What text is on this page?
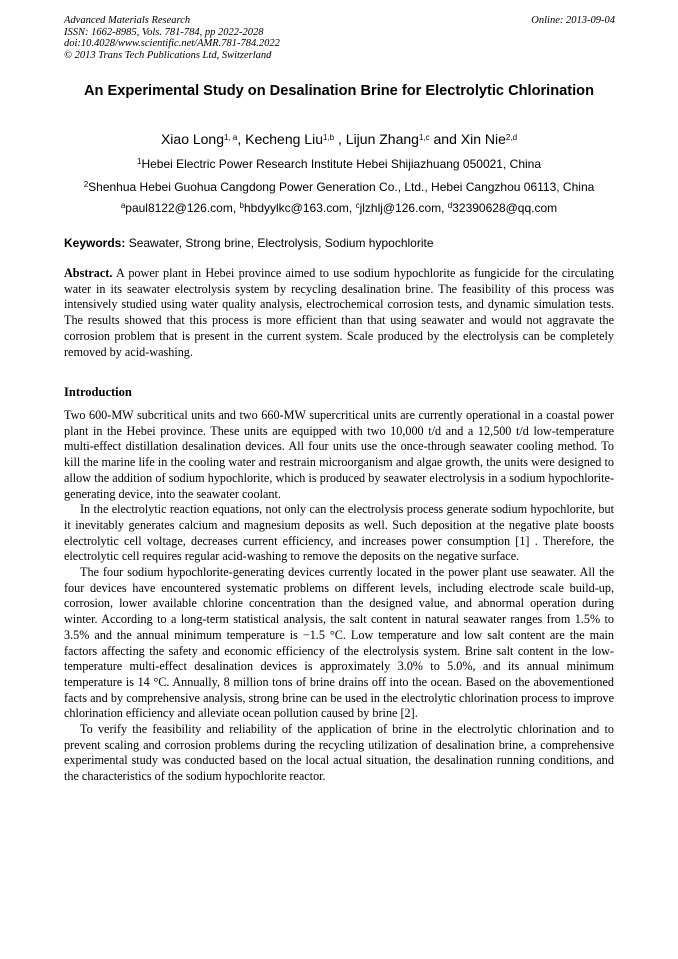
Advanced Materials Research
ISSN: 1662-8985, Vols. 781-784, pp 2022-2028
doi:10.4028/www.scientific.net/AMR.781-784.2022
© 2013 Trans Tech Publications Ltd, Switzerland
Online: 2013-09-04
An Experimental Study on Desalination Brine for Electrolytic Chlorination
Xiao Long$^{1, a}$, Kecheng Liu$^{1,b}$ , Lijun Zhang$^{1,c}$ and Xin Nie$^{2,d}$
$^1$Hebei Electric Power Research Institute Hebei Shijiazhuang 050021, China
$^2$Shenhua Hebei Guohua Cangdong Power Generation Co., Ltd., Hebei Cangzhou 06113, China
$^a$paul8122@126.com, $^b$hbdyylkc@163.com, $^c$jlzhlj@126.com, $^d$32390628@qq.com
Keywords: Seawater, Strong brine, Electrolysis, Sodium hypochlorite
Abstract. A power plant in Hebei province aimed to use sodium hypochlorite as fungicide for the circulating water in its seawater electrolysis system by recycling desalination brine. The feasibility of this process was intensively studied using water quality analysis, electrochemical corrosion tests, and dynamic simulation tests. The results showed that this process is more efficient than that using seawater and would not aggravate the corrosion problem that is present in the current system. Scale produced by the electrolysis can be completely removed by acid-washing.
Introduction

Two 600-MW subcritical units and two 660-MW supercritical units are currently operational in a coastal power plant in the Hebei province. These units are equipped with two 10,000 t/d and a 12,500 t/d low-temperature multi-effect distillation desalination devices. All four units use the once-through seawater cooling method. To kill the marine life in the cooling water and restrain microorganism and algae growth, the units were designed to allow the addition of sodium hypochlorite, which is produced by seawater electrolysis in a sodium hypochlorite-generating device, into the seawater coolant.

In the electrolytic reaction equations, not only can the electrolysis process generate sodium hypochlorite, but it inevitably generates calcium and magnesium deposits as well. Such deposition at the negative plate boosts electrolytic cell voltage, decreases current efficiency, and increases power consumption [1] . Therefore, the electrolytic cell requires regular acid-washing to remove the deposits on the negative surface.

The four sodium hypochlorite-generating devices currently located in the power plant use seawater. All the four devices have encountered systematic problems on different levels, including electrode scale build-up, corrosion, lower available chlorine concentration than the designed value, and abnormal operation during winter. According to a long-term statistical analysis, the salt content in natural seawater ranges from 1.5% to 3.5% and the annual minimum temperature is −1.5 °C. Low temperature and low salt content are the main factors affecting the safety and economic efficiency of the electrolysis system. Brine salt content in the low-temperature multi-effect desalination devices is approximately 3.0% to 5.0%, and its annual minimum temperature is 14 °C. Annually, 8 million tons of brine drains off into the ocean. Based on the abovementioned facts and by comprehensive analysis, strong brine can be used in the electrolytic chlorination process to improve chlorination efficiency and alleviate ocean pollution caused by brine [2].

To verify the feasibility and reliability of the application of brine in the electrolytic chlorination and to prevent scaling and corrosion problems during the recycling utilization of desalination brine, a comprehensive experimental study was conducted based on the local actual situation, the desalination running conditions, and the characteristics of the sodium hypochlorite reactor.
